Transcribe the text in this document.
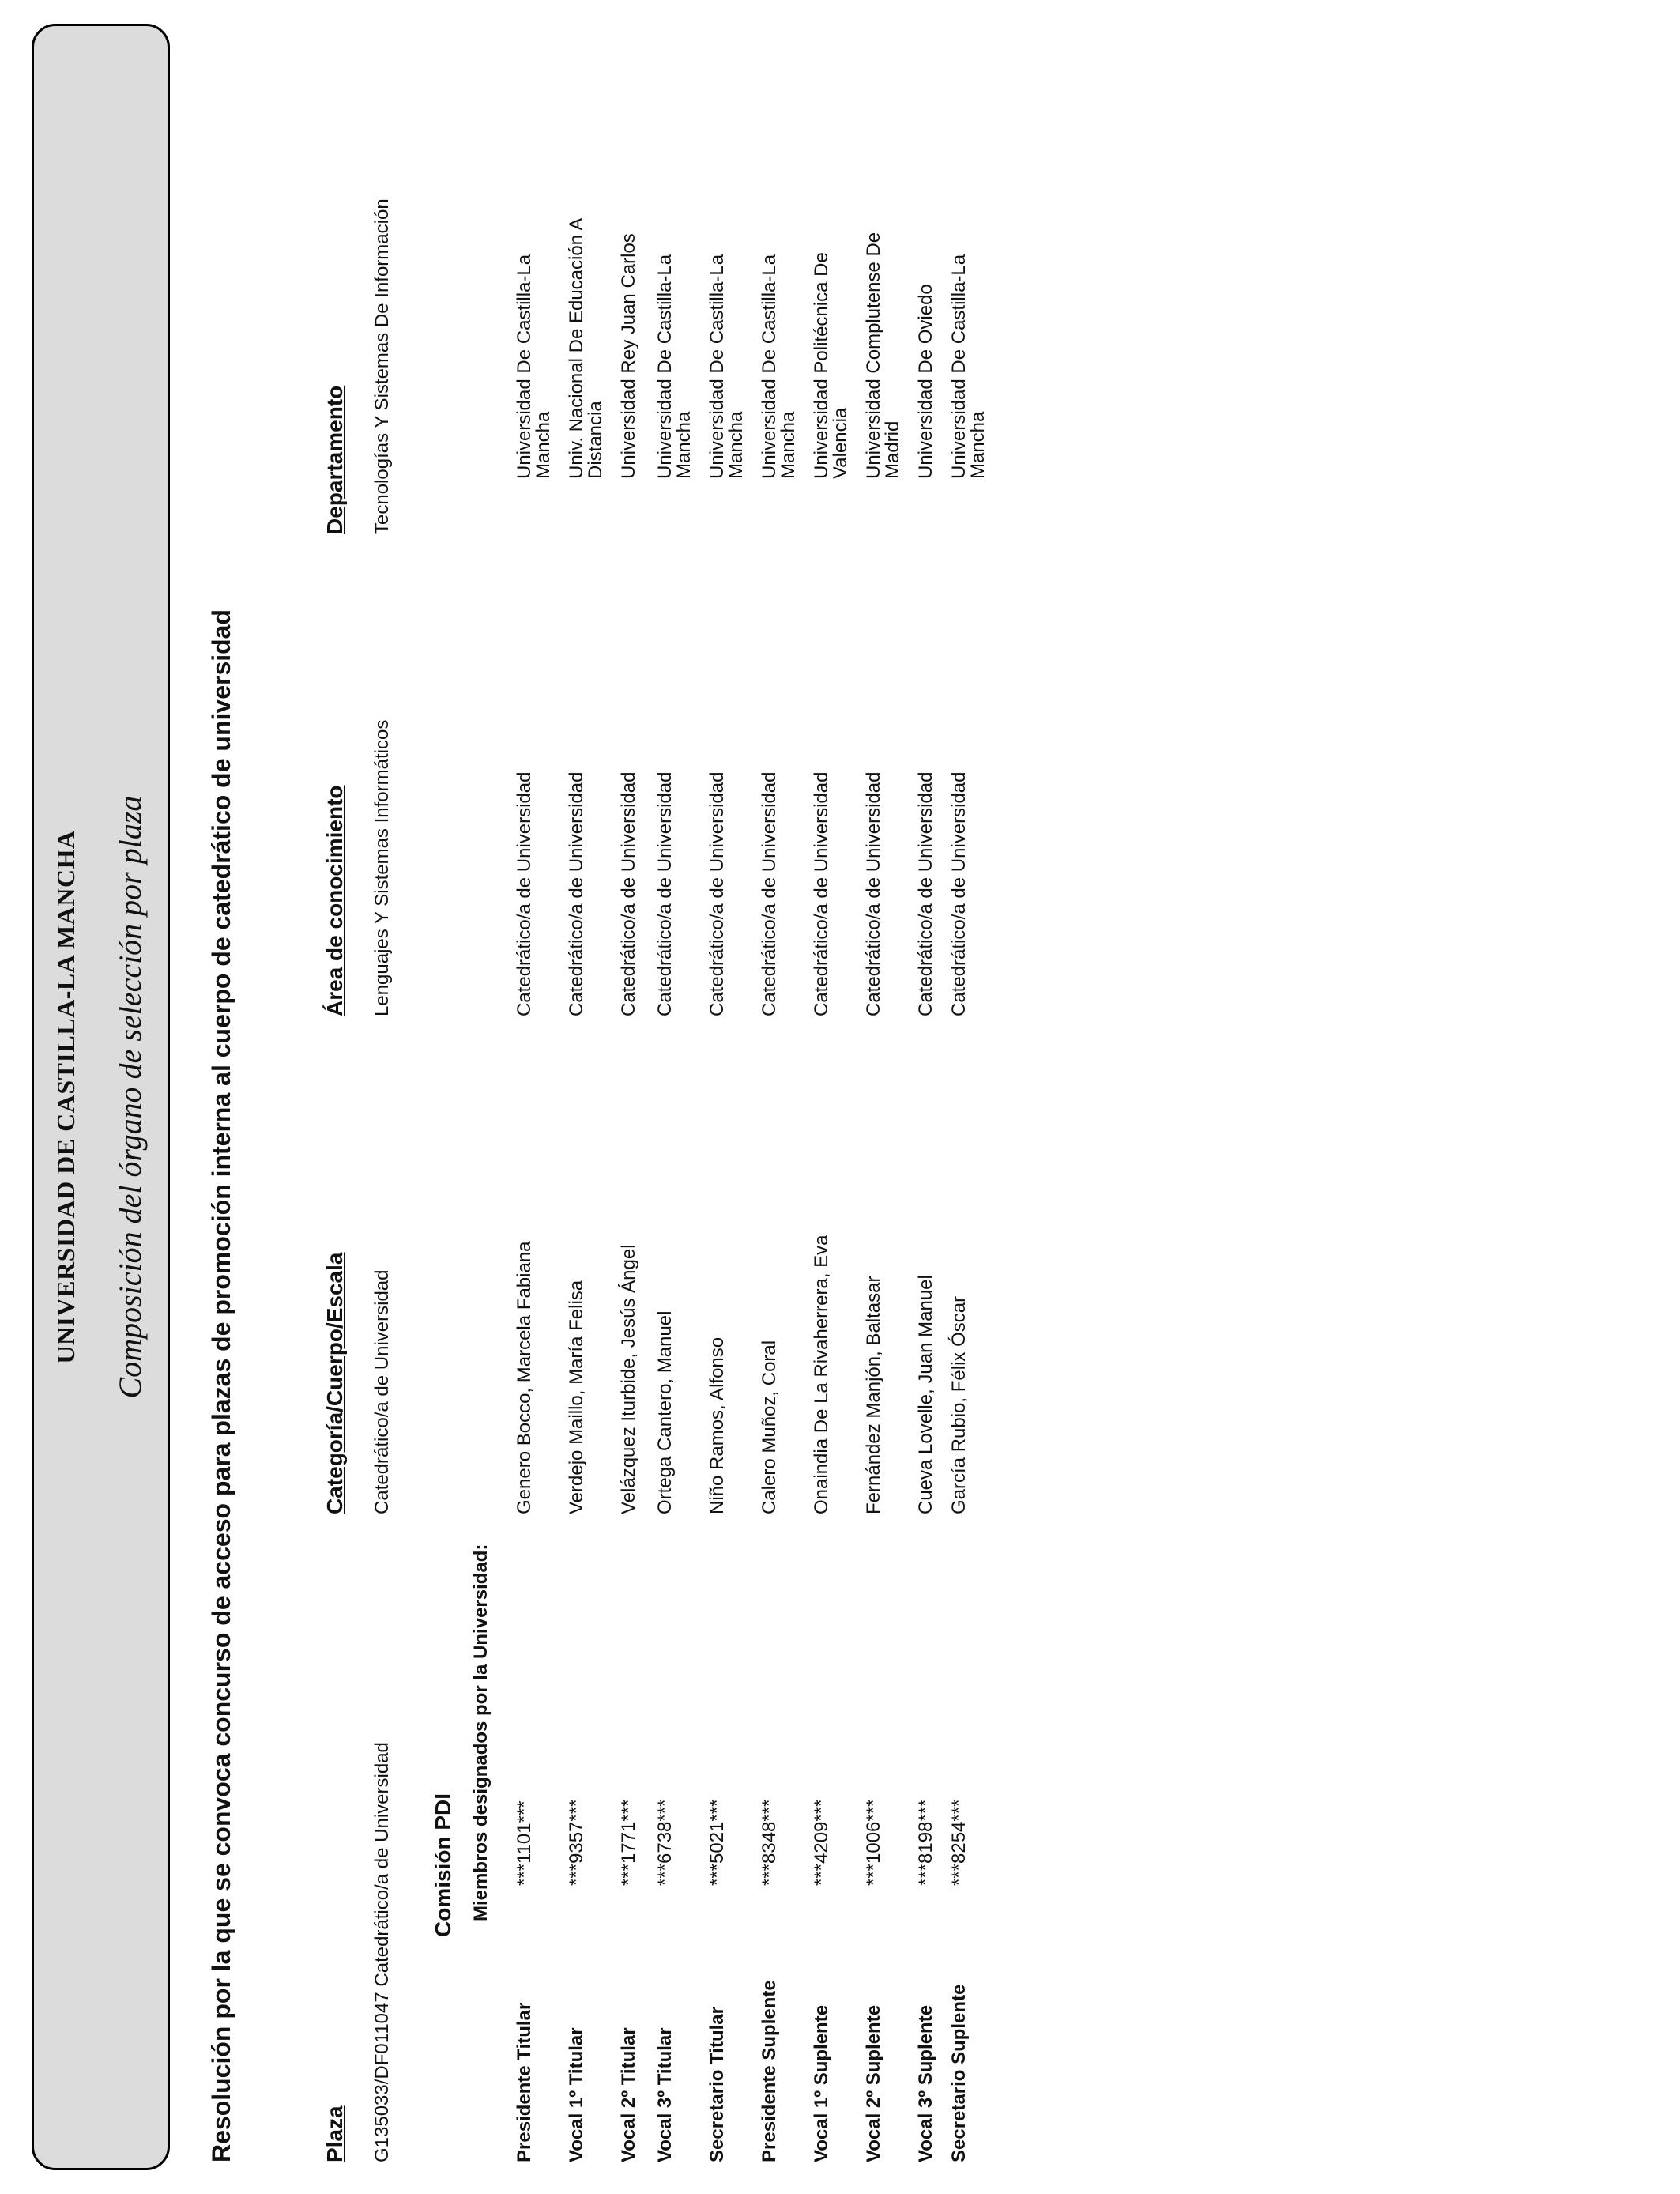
UNIVERSIDAD DE CASTILLA-LA MANCHA Composición del órgano de selección por plaza Resolución por la que se convoca concurso de acceso para plazas de promoción interna al cuerpo de catedrático de universidad	Plaza
Categoría/Cuerpo/Escala
Área de conocimiento
Departamento
G135033/DF011047 Catedrático/a de Universidad
Catedrático/a de Universidad
Lenguajes Y Sistemas Informáticos
Tecnologías Y Sistemas De Información
Comisión PDI Miembros designados por la Universidad:
Presidente Titular
***1101***
Genero Bocco, Marcela Fabiana
Catedrático/a de Universidad
Universidad De Castilla-La Mancha
Vocal 1º Titular
***9357***
Verdejo Maillo, María Felisa
Catedrático/a de Universidad
Univ. Nacional De Educación A Distancia
Vocal 2º Titular
***1771***
Velázquez Iturbide, Jesús Ángel
Catedrático/a de Universidad
Universidad Rey Juan Carlos
Vocal 3º Titular
***6738***
Ortega Cantero, Manuel
Catedrático/a de Universidad
Universidad De Castilla-La Mancha
Secretario Titular
***5021***
Niño Ramos, Alfonso
Catedrático/a de Universidad
Universidad De Castilla-La Mancha
Presidente Suplente
***8348***
Calero Muñoz, Coral
Catedrático/a de Universidad
Universidad De Castilla-La Mancha
Vocal 1º Suplente
***4209***
Onaindia De La Rivaherrera, Eva
Catedrático/a de Universidad
Universidad Politécnica De Valencia
Vocal 2º Suplente
***1006***
Fernández Manjón, Baltasar
Catedrático/a de Universidad
Universidad Complutense De Madrid
Vocal 3º Suplente
***8198***
Cueva Lovelle, Juan Manuel
Catedrático/a de Universidad
Universidad De Oviedo
Secretario Suplente
***8254***
García Rubio, Félix Óscar
Catedrático/a de Universidad
Universidad De Castilla-La Mancha
